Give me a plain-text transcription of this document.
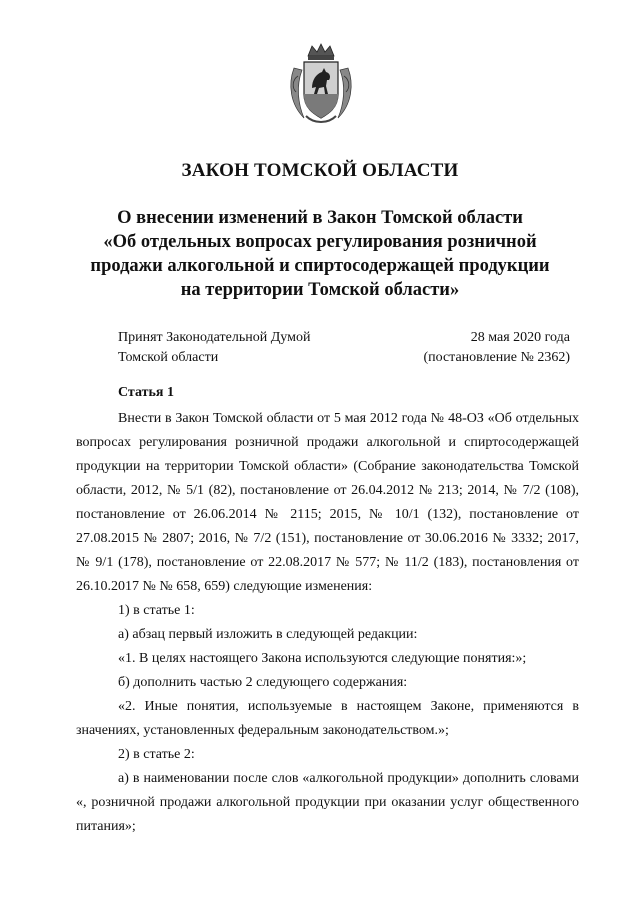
ЗАКОН ТОМСКОЙ ОБЛАСТИ
О внесении изменений в Закон Томской области
«Об отдельных вопросах регулирования розничной
продажи алкогольной и спиртосодержащей продукции
на территории Томской области»
Принят Законодательной Думой
Томской области
28 мая 2020 года
(постановление № 2362)
Статья 1

Внести в Закон Томской области от 5 мая 2012 года № 48-ОЗ «Об отдельных вопросах регулирования розничной продажи алкогольной и спиртосодержащей продукции на территории Томской области» (Собрание законодательства Томской области, 2012, № 5/1 (82), постановление от 26.04.2012 № 213; 2014, № 7/2 (108), постановление от 26.06.2014 № 2115; 2015, № 10/1 (132), постановление от 27.08.2015 № 2807; 2016, № 7/2 (151), постановление от 30.06.2016 № 3332; 2017, № 9/1 (178), постановление от 22.08.2017 № 577; № 11/2 (183), постановления от 26.10.2017 № № 658, 659) следующие изменения:

1) в статье 1:

а) абзац первый изложить в следующей редакции:

«1. В целях настоящего Закона используются следующие понятия:»;

б) дополнить частью 2 следующего содержания:

«2. Иные понятия, используемые в настоящем Законе, применяются в значениях, установленных федеральным законодательством.»;

2) в статье 2:

а) в наименовании после слов «алкогольной продукции» дополнить словами «, розничной продажи алкогольной продукции при оказании услуг общественного питания»;
